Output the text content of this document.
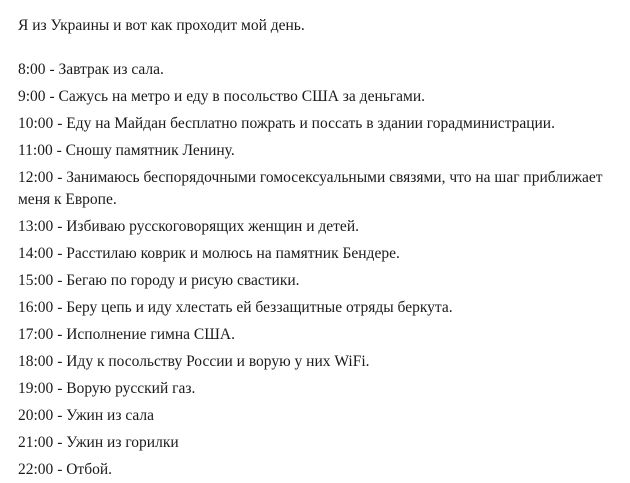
Я из Украины и вот как проходит мой день.

8:00 - Завтрак из сала.
9:00 - Сажусь на метро и еду в посольство США за деньгами.
10:00 - Еду на Майдан бесплатно пожрать и поссать в здании горадминистрации.
11:00 - Сношу памятник Ленину.
12:00 - Занимаюсь беспорядочными гомосексуальными связями, что на шаг приближает меня к Европе.
13:00 - Избиваю русскоговорящих женщин и детей.
14:00 - Расстилаю коврик и молюсь на памятник Бендере.
15:00 - Бегаю по городу и рисую свастики.
16:00 - Беру цепь и иду хлестать ей беззащитные отряды беркута.
17:00 - Исполнение гимна США.
18:00 - Иду к посольству России и ворую у них WiFi.
19:00 - Ворую русский газ.
20:00 - Ужин из сала
21:00 - Ужин из горилки
22:00 - Отбой.
